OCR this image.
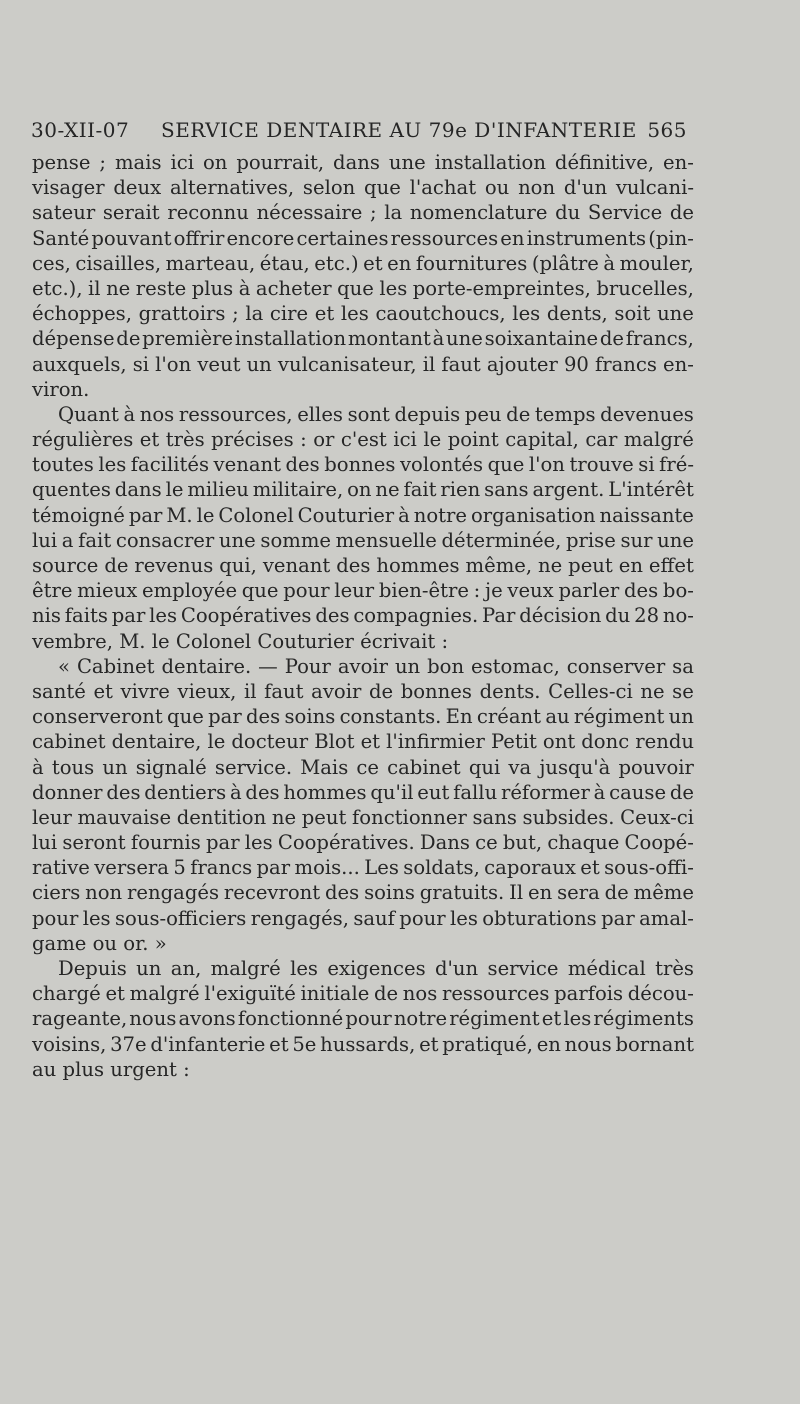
30-XII-07 SERVICE DENTAIRE AU 79e D'INFANTERIE 565
pense ; mais ici on pourrait, dans une installation définitive, en-
visager deux alternatives, selon que l'achat ou non d'un vulcani-
sateur serait reconnu nécessaire ; la nomenclature du Service de
Santé pouvant offrir encore certaines ressources en instruments (pin-
ces, cisailles, marteau, étau, etc.) et en fournitures (plâtre à mouler,
etc.), il ne reste plus à acheter que les porte-empreintes, brucelles,
échoppes, grattoirs ; la cire et les caoutchoucs, les dents, soit une
dépense de première installation montant à une soixantaine de francs,
auxquels, si l'on veut un vulcanisateur, il faut ajouter 90 francs en-
viron.
Quant à nos ressources, elles sont depuis peu de temps devenues
régulières et très précises : or c'est ici le point capital, car malgré
toutes les facilités venant des bonnes volontés que l'on trouve si fré-
quentes dans le milieu militaire, on ne fait rien sans argent. L'intérêt
témoigné par M. le Colonel Couturier à notre organisation naissante
lui a fait consacrer une somme mensuelle déterminée, prise sur une
source de revenus qui, venant des hommes même, ne peut en effet
être mieux employée que pour leur bien-être : je veux parler des bo-
nis faits par les Coopératives des compagnies. Par décision du 28 no-
vembre, M. le Colonel Couturier écrivait :
« Cabinet dentaire. — Pour avoir un bon estomac, conserver sa
santé et vivre vieux, il faut avoir de bonnes dents. Celles-ci ne se
conserveront que par des soins constants. En créant au régiment un
cabinet dentaire, le docteur Blot et l'infirmier Petit ont donc rendu
à tous un signalé service. Mais ce cabinet qui va jusqu'à pouvoir
donner des dentiers à des hommes qu'il eut fallu réformer à cause de
leur mauvaise dentition ne peut fonctionner sans subsides. Ceux-ci
lui seront fournis par les Coopératives. Dans ce but, chaque Coopé-
rative versera 5 francs par mois... Les soldats, caporaux et sous-offi-
ciers non rengagés recevront des soins gratuits. Il en sera de même
pour les sous-officiers rengagés, sauf pour les obturations par amal-
game ou or. »
Depuis un an, malgré les exigences d'un service médical très
chargé et malgré l'exiguïté initiale de nos ressources parfois décou-
rageante, nous avons fonctionné pour notre régiment et les régiments
voisins, 37e d'infanterie et 5e hussards, et pratiqué, en nous bornant
au plus urgent :
